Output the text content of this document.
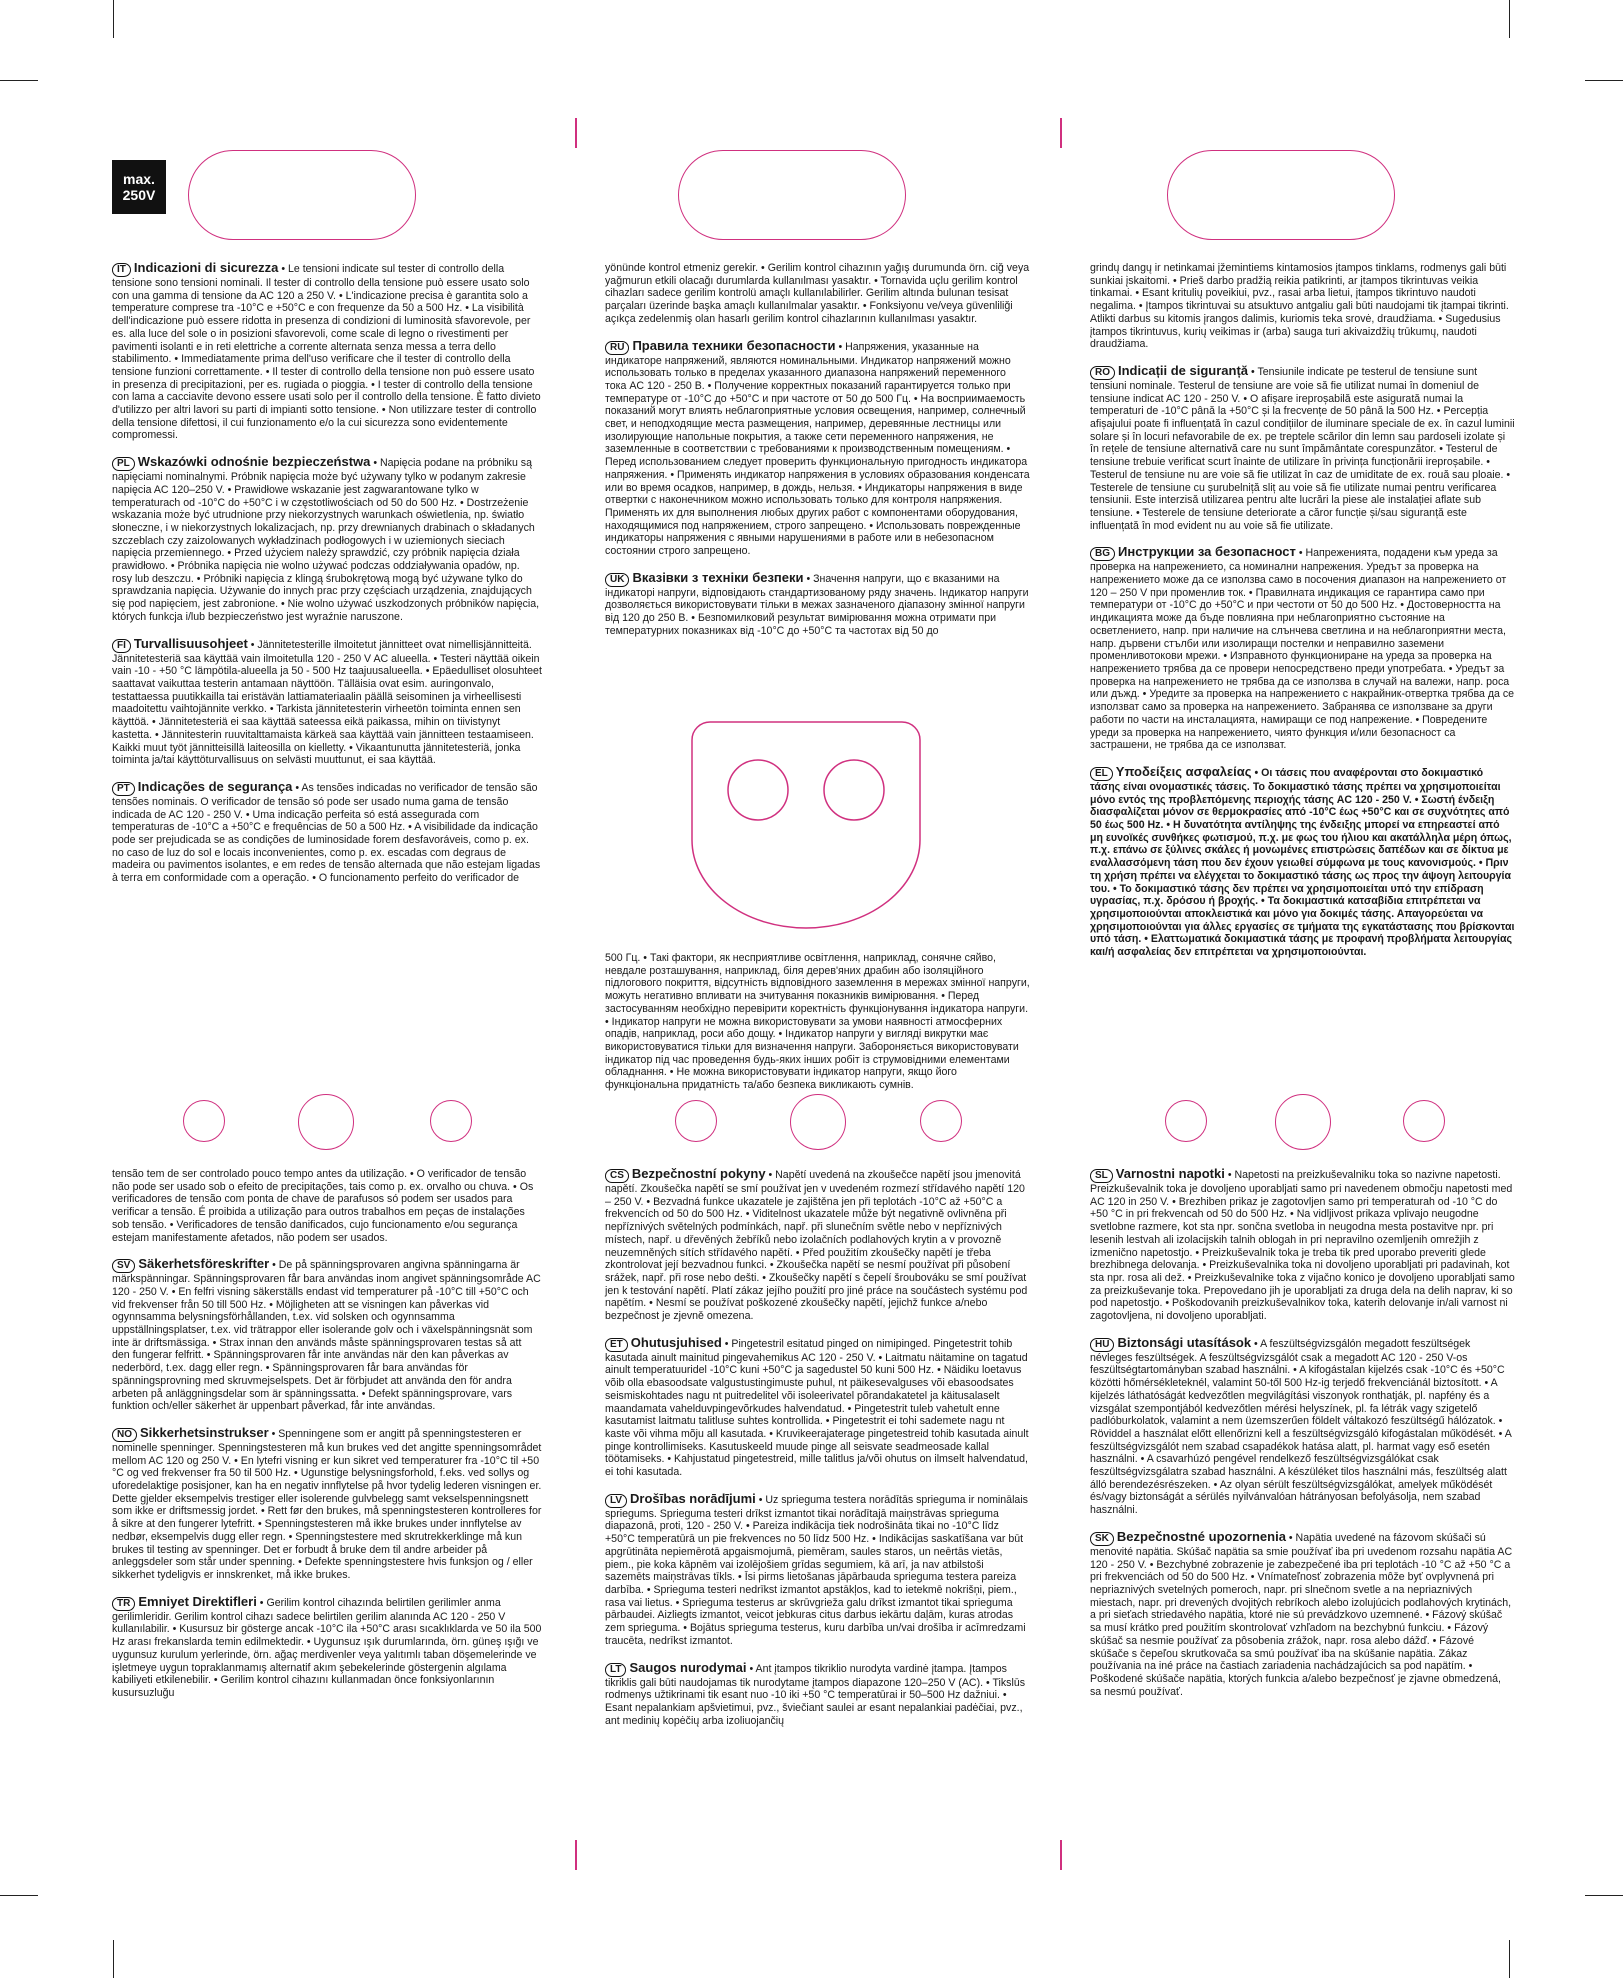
max.
250V
IT Indicazioni di sicurezza • Le tensioni indicate sul tester di controllo della tensione sono tensioni nominali. Il tester di controllo della tensione può essere usato solo con una gamma di tensione da AC 120 a 250 V. • L'indicazione precisa è garantita solo a temperature comprese tra -10°C e +50°C e con frequenze da 50 a 500 Hz. • La visibilità dell'indicazione può essere ridotta in presenza di condizioni di luminosità sfavorevole, per es. alla luce del sole o in posizioni sfavorevoli, come scale di legno o rivestimenti per pavimenti isolanti e in reti elettriche a corrente alternata senza messa a terra dello stabilimento. • Immediatamente prima dell'uso verificare che il tester di controllo della tensione funzioni correttamente. • Il tester di controllo della tensione non può essere usato in presenza di precipitazioni, per es. rugiada o pioggia. • I tester di controllo della tensione con lama a cacciavite devono essere usati solo per il controllo della tensione. È fatto divieto d'utilizzo per altri lavori su parti di impianti sotto tensione. • Non utilizzare tester di controllo della tensione difettosi, il cui funzionamento e/o la cui sicurezza sono evidentemente compromessi.
PL Wskazówki odnośnie bezpieczeństwa • Napięcia podane na próbniku są napięciami nominalnymi. Próbnik napięcia może być używany tylko w podanym zakresie napięcia AC 120–250 V. • Prawidłowe wskazanie jest zagwarantowane tylko w temperaturach od -10°C do +50°C i w częstotliwościach od 50 do 500 Hz. • Dostrzeżenie wskazania może być utrudnione przy niekorzystnych warunkach oświetlenia, np. światło słoneczne, i w niekorzystnych lokalizacjach, np. przy drewnianych drabinach o składanych szczeblach czy zaizolowanych wykładzinach podłogowych i w uziemionych sieciach napięcia przemiennego. • Przed użyciem należy sprawdzić, czy próbnik napięcia działa prawidłowo. • Próbnika napięcia nie wolno używać podczas oddziaływania opadów, np. rosy lub deszczu. • Próbniki napięcia z klingą śrubokrętową mogą być używane tylko do sprawdzania napięcia. Używanie do innych prac przy częściach urządzenia, znajdujących się pod napięciem, jest zabronione. • Nie wolno używać uszkodzonych próbników napięcia, których funkcja i/lub bezpieczeństwo jest wyraźnie naruszone.
FI Turvallisuusohjeet • Jännitetesterille ilmoitetut jännitteet ovat nimellisjännitteitä. Jännitetesteriä saa käyttää vain ilmoitetulla 120 - 250 V AC alueella. • Testeri näyttää oikein vain -10 - +50 °C lämpötila-alueella ja 50 - 500 Hz taajuusalueella. • Epäedulliset olosuhteet saattavat vaikuttaa testerin antamaan näyttöön. Tälläisia ovat esim. auringonvalo, testattaessa puutikkailla tai eristävän lattiamateriaalin päällä seisominen ja virheellisesti maadoitettu vaihtojännite verkko. • Tarkista jännitetesterin virheetön toiminta ennen sen käyttöä. • Jännitetesteriä ei saa käyttää sateessa eikä paikassa, mihin on tiivistynyt kastetta. • Jännitesterin ruuvitalttamaista kärkeä saa käyttää vain jännitteen testaamiseen. Kaikki muut työt jännitteisillä laiteosilla on kielletty. • Vikaantunutta jännitetesteriä, jonka toiminta ja/tai käyttöturvallisuus on selvästi muuttunut, ei saa käyttää.
PT Indicações de segurança • As tensões indicadas no verificador de tensão são tensões nominais. O verificador de tensão só pode ser usado numa gama de tensão indicada de AC 120 - 250 V. • Uma indicação perfeita só está assegurada com temperaturas de -10°C a +50°C e frequências de 50 a 500 Hz. • A visibilidade da indicação pode ser prejudicada se as condições de luminosidade forem desfavoráveis, como p. ex. no caso de luz do sol e locais inconvenientes, como p. ex. escadas com degraus de madeira ou pavimentos isolantes, e em redes de tensão alternada que não estejam ligadas à terra em conformidade com a operação. • O funcionamento perfeito do verificador de
yönünde kontrol etmeniz gerekir. • Gerilim kontrol cihazının yağış durumunda örn. ciğ veya yağmurun etkili olacağı durumlarda kullanılması yasaktır. • Tornavida uçlu gerilim kontrol cihazları sadece gerilim kontrolü amaçlı kullanılabilirler. Gerilim altında bulunan tesisat parçaları üzerinde başka amaçlı kullanılmalar yasaktır. • Fonksiyonu ve/veya güvenliliği açıkça zedelenmiş olan hasarlı gerilim kontrol cihazlarının kullanılması yasaktır.
RU Правила техники безопасности • Напряжения, указанные на индикаторе напряжений, являются номинальными. Индикатор напряжений можно использовать только в пределах указанного диапазона напряжений переменного тока AC 120 - 250 В. • Получение корректных показаний гарантируется только при температуре от -10°C до +50°C и при частоте от 50 до 500 Гц. • На восприимаемость показаний могут влиять неблагоприятные условия освещения, например, солнечный свет, и неподходящие места размещения, например, деревянные лестницы или изолирующие напольные покрытия, а также сети переменного напряжения, не заземленные в соответствии с требованиями к производственным помещениям. • Перед использованием следует проверить функциональную пригодность индикатора напряжения. • Применять индикатор напряжения в условиях образования конденсата или во время осадков, например, в дождь, нельзя. • Индикаторы напряжения в виде отвертки с наконечником можно использовать только для контроля напряжения. Применять их для выполнения любых других работ с компонентами оборудования, находящимися под напряжением, строго запрещено. • Использовать поврежденные индикаторы напряжения с явными нарушениями в работе или в небезопасном состоянии строго запрещено.
UK Вказівки з техніки безпеки • Значення напруги, що є вказаними на індикаторі напруги, відповідають стандартизованому ряду значень. Індикатор напруги дозволяється використовувати тільки в межах зазначеного діапазону змінної напруги від 120 до 250 В. • Безпомилковий результат вимірювання можна отримати при температурних показниках від -10°C до +50°C та частотах від 50 до
500 Гц. • Такі фактори, як несприятливе освітлення, наприклад, сонячне сяйво, невдале розташування, наприклад, біля дерев'яних драбин або ізоляційного підлогового покриття, відсутність відповідного заземлення в мережах змінної напруги, можуть негативно впливати на зчитування показників вимірювання. • Перед застосуванням необхідно перевірити коректність функціонування індикатора напруги. • Індикатор напруги не можна використовувати за умови наявності атмосферних опадів, наприклад, роси або дощу. • Індикатор напруги у вигляді викрутки має використовуватися тільки для визначення напруги. Забороняється використовувати індикатор під час проведення будь-яких інших робіт із струмовідними елементами обладнання. • Не можна використовувати індикатор напруги, якщо його функціональна придатність та/або безпека викликають сумнів.
grindų dangų ir netinkamai įžemintiems kintamosios įtampos tinklams, rodmenys gali būti sunkiai įskaitomi. • Prieš darbo pradžią reikia patikrinti, ar įtampos tikrintuvas veikia tinkamai. • Esant kritulių poveikiui, pvz., rasai arba lietui, įtampos tikrintuvo naudoti negalima. • Įtampos tikrintuvai su atsuktuvo antgaliu gali būti naudojami tik įtampai tikrinti. Atlikti darbus su kitomis įrangos dalimis, kuriomis teka srovė, draudžiama. • Sugedusius įtampos tikrintuvus, kurių veikimas ir (arba) sauga turi akivaizdžių trūkumų, naudoti draudžiama.
RO Indicații de siguranță • Tensiunile indicate pe testerul de tensiune sunt tensiuni nominale. Testerul de tensiune are voie să fie utilizat numai în domeniul de tensiune indicat AC 120 - 250 V. • O afișare ireproșabilă este asigurată numai la temperaturi de -10°C până la +50°C și la frecvențe de 50 până la 500 Hz. • Percepția afișajului poate fi influențată în cazul condițiilor de iluminare speciale de ex. în cazul luminii solare și în locuri nefavorabile de ex. pe treptele scărilor din lemn sau pardoseli izolate și în rețele de tensiune alternativă care nu sunt împământate corespunzător. • Testerul de tensiune trebuie verificat scurt înainte de utilizare în privința funcționării ireproșabile. • Testerul de tensiune nu are voie să fie utilizat în caz de umiditate de ex. rouă sau ploaie. • Testerele de tensiune cu șurubelniță sliț au voie să fie utilizate numai pentru verificarea tensiunii. Este interzisă utilizarea pentru alte lucrări la piese ale instalației aflate sub tensiune. • Testerele de tensiune deteriorate a căror funcție și/sau siguranță este influențată în mod evident nu au voie să fie utilizate.
BG Инструкции за безопасност • Напреженията, подадени към уреда за проверка на напрежението, са номинални напрежения. Уредът за проверка на напрежението може да се използва само в посочения диапазон на напрежението от 120 – 250 V при променлив ток. • Правилната индикация се гарантира само при температури от -10°C до +50°C и при честоти от 50 до 500 Hz. • Достоверността на индикацията може да бъде повлияна при неблагоприятно състояние на осветлението, напр. при наличие на слънчева светлина и на неблагоприятни места, напр. дървени стълби или изолиращи постелки и неправилно заземени променливотокови мрежи. • Изправното функциониране на уреда за проверка на напрежението трябва да се провери непосредствено преди употребата. • Уредът за проверка на напрежението не трябва да се използва в случай на валежи, напр. роса или дъжд. • Уредите за проверка на напрежението с накрайник-отвертка трябва да се използват само за проверка на напрежението. Забранява се използване за други работи по части на инсталацията, намиращи се под напрежение. • Повредените уреди за проверка на напрежението, чиято функция и/или безопасност са застрашени, не трябва да се използват.
EL Υποδείξεις ασφαλείας • Οι τάσεις που αναφέρονται στο δοκιμαστικό τάσης είναι ονομαστικές τάσεις. Το δοκιμαστικό τάσης πρέπει να χρησιμοποιείται μόνο εντός της προβλεπόμενης περιοχής τάσης AC 120 - 250 V. • Σωστή ένδειξη διασφαλίζεται μόνον σε θερμοκρασίες από -10°C έως +50°C και σε συχνότητες από 50 έως 500 Hz. • Η δυνατότητα αντίληψης της ένδειξης μπορεί να επηρεαστεί από μη ευνοϊκές συνθήκες φωτισμού, π.χ. με φως του ήλιου και ακατάλληλα μέρη όπως, π.χ. επάνω σε ξύλινες σκάλες ή μονωμένες επιστρώσεις δαπέδων και σε δίκτυα με εναλλασσόμενη τάση που δεν έχουν γειωθεί σύμφωνα με τους κανονισμούς. • Πριν τη χρήση πρέπει να ελέγχεται το δοκιμαστικό τάσης ως προς την άψογη λειτουργία του. • Το δοκιμαστικό τάσης δεν πρέπει να χρησιμοποιείται υπό την επίδραση υγρασίας, π.χ. δρόσου ή βροχής. • Τα δοκιμαστικά κατσαβίδια επιτρέπεται να χρησιμοποιούνται αποκλειστικά και μόνο για δοκιμές τάσης. Απαγορεύεται να χρησιμοποιούνται για άλλες εργασίες σε τμήματα της εγκατάστασης που βρίσκονται υπό τάση. • Ελαττωματικά δοκιμαστικά τάσης με προφανή προβλήματα λειτουργίας και/ή ασφαλείας δεν επιτρέπεται να χρησιμοποιούνται.
tensão tem de ser controlado pouco tempo antes da utilização. • O verificador de tensão não pode ser usado sob o efeito de precipitações, tais como p. ex. orvalho ou chuva. • Os verificadores de tensão com ponta de chave de parafusos só podem ser usados para verificar a tensão. É proibida a utilização para outros trabalhos em peças de instalações sob tensão. • Verificadores de tensão danificados, cujo funcionamento e/ou segurança estejam manifestamente afetados, não podem ser usados.
SV Säkerhetsföreskrifter • De på spänningsprovaren angivna spänningarna är märkspänningar. Spänningsprovaren får bara användas inom angivet spänningsområde AC 120 - 250 V. • En felfri visning säkerställs endast vid temperaturer på -10°C till +50°C och vid frekvenser från 50 till 500 Hz. • Möjligheten att se visningen kan påverkas vid ogynnsamma belysningsförhållanden, t.ex. vid solsken och ogynnsamma uppställningsplatser, t.ex. vid trätrappor eller isolerande golv och i växelspänningsnät som inte är driftsmässiga. • Strax innan den används måste spänningsprovaren testas så att den fungerar felfritt. • Spänningsprovaren får inte användas när den kan påverkas av nederbörd, t.ex. dagg eller regn. • Spänningsprovaren får bara användas för spänningsprovning med skruvmejselspets. Det är förbjudet att använda den för andra arbeten på anläggningsdelar som är spänningssatta. • Defekt spänningsprovare, vars funktion och/eller säkerhet är uppenbart påverkad, får inte användas.
NO Sikkerhetsinstrukser • Spenningene som er angitt på spenningstesteren er nominelle spenninger. Spenningstesteren må kun brukes ved det angitte spenningsområdet mellom AC 120 og 250 V. • En lytefri visning er kun sikret ved temperaturer fra -10°C til +50 °C og ved frekvenser fra 50 til 500 Hz. • Ugunstige belysningsforhold, f.eks. ved sollys og uforedelaktige posisjoner, kan ha en negativ innflytelse på hvor tydelig lederen visningen er. Dette gjelder eksempelvis trestiger eller isolerende gulvbelegg samt vekselspenningsnett som ikke er driftsmessig jordet. • Rett før den brukes, må spenningstesteren kontrolleres for å sikre at den fungerer lytefritt. • Spenningstesteren må ikke brukes under innflytelse av nedbør, eksempelvis dugg eller regn. • Spenningstestere med skrutrekkerklinge må kun brukes til testing av spenninger. Det er forbudt å bruke dem til andre arbeider på anleggsdeler som står under spenning. • Defekte spenningstestere hvis funksjon og / eller sikkerhet tydeligvis er innskrenket, må ikke brukes.
TR Emniyet Direktifleri • Gerilim kontrol cihazında belirtilen gerilimler anma gerilimleridir. Gerilim kontrol cihazı sadece belirtilen gerilim alanında AC 120 - 250 V kullanılabilir. • Kusursuz bir gösterge ancak -10°C ila +50°C arası sıcaklıklarda ve 50 ila 500 Hz arası frekanslarda temin edilmektedir. • Uygunsuz ışık durumlarında, örn. güneş ışığı ve uygunsuz kurulum yerlerinde, örn. ağaç merdivenler veya yalıtımlı taban döşemelerinde ve işletmeye uygun topraklanmamış alternatif akım şebekelerinde göstergenin algılama kabiliyeti etkilenebilir. • Gerilim kontrol cihazını kullanmadan önce fonksiyonlarının kusursuzluğu
CS Bezpečnostní pokyny • Napětí uvedená na zkoušečce napětí jsou jmenovitá napětí. Zkoušečka napětí se smí používat jen v uvedeném rozmezí střídavého napětí 120 – 250 V. • Bezvadná funkce ukazatele je zajištěna jen při teplotách -10°C až +50°C a frekvencích od 50 do 500 Hz. • Viditelnost ukazatele může být negativně ovlivněna při nepříznivých světelných podmínkách, např. při slunečním světle nebo v nepříznivých místech, např. u dřevěných žebříků nebo izolačních podlahových krytin a v provozně neuzemněných sítích střídavého napětí. • Před použitím zkoušečky napětí je třeba zkontrolovat její bezvadnou funkci. • Zkoušečka napětí se nesmí používat při působení srážek, např. při rose nebo dešti. • Zkoušečky napětí s čepelí šroubováku se smí používat jen k testování napětí. Platí zákaz jejího použití pro jiné práce na součástech systému pod napětím. • Nesmí se používat poškozené zkoušečky napětí, jejichž funkce a/nebo bezpečnost je zjevně omezena.
ET Ohutusjuhised • Pingetestril esitatud pinged on nimipinged. Pingetestrit tohib kasutada ainult mainitud pingevahemikus AC 120 - 250 V. • Laitmatu näitamine on tagatud ainult temperatuuridel -10°C kuni +50°C ja sagedustel 50 kuni 500 Hz. • Näidiku loetavus võib olla ebasoodsate valgustustingimuste puhul, nt päikesevalguses või ebasoodsates seismiskohtades nagu nt puitredelitel või isoleerivatel põrandakatetel ja käitusalaselt maandamata vahelduvpingevõrkudes halvendatud. • Pingetestrit tuleb vahetult enne kasutamist laitmatu talitluse suhtes kontrollida. • Pingetestrit ei tohi sademete nagu nt kaste või vihma mõju all kasutada. • Kruvikeerajaterage pingetestreid tohib kasutada ainult pinge kontrollimiseks. Kasutuskeeld muude pinge all seisvate seadmeosade kallal töötamiseks. • Kahjustatud pingetestreid, mille talitlus ja/või ohutus on ilmselt halvendatud, ei tohi kasutada.
LV Drošības norādījumi • Uz sprieguma testera norādītās sprieguma ir nominālais spriegums. Sprieguma testeri drīkst izmantot tikai norādītajā maiņstrāvas sprieguma diapazonā, proti, 120 - 250 V. • Pareiza indikācija tiek nodrošināta tikai no -10°C līdz +50°C temperatūrā un pie frekvences no 50 līdz 500 Hz. • Indikācijas saskatīšana var būt apgrūtināta nepiemērotā apgaismojumā, piemēram, saules staros, un neērtās vietās, piem., pie koka kāpnēm vai izolējošiem grīdas segumiem, kā arī, ja nav atbilstoši sazemēts maiņstrāvas tīkls. • Īsi pirms lietošanas jāpārbauda sprieguma testera pareiza darbība. • Sprieguma testeri nedrīkst izmantot apstākļos, kad to ietekmē nokrišņi, piem., rasa vai lietus. • Sprieguma testerus ar skrūvgrieža galu drīkst izmantot tikai sprieguma pārbaudei. Aizliegts izmantot, veicot jebkuras citus darbus iekārtu daļām, kuras atrodas zem sprieguma. • Bojātus sprieguma testerus, kuru darbība un/vai drošība ir acīmredzami traucēta, nedrīkst izmantot.
LT Saugos nurodymai • Ant įtampos tikriklio nurodyta vardinė įtampa. Įtampos tikriklis gali būti naudojamas tik nurodytame įtampos diapazone 120–250 V (AC). • Tikslūs rodmenys užtikrinami tik esant nuo -10 iki +50 °C temperatūrai ir 50–500 Hz dažniui. • Esant nepalankiam apšvietimui, pvz., šviečiant saulei ar esant nepalankiai padėčiai, pvz., ant medinių kopėčių arba izoliuojančių
SL Varnostni napotki • Napetosti na preizkuševalniku toka so nazivne napetosti. Preizkuševalnik toka je dovoljeno uporabljati samo pri navedenem območju napetosti med AC 120 in 250 V. • Brezhiben prikaz je zagotovljen samo pri temperaturah od -10 °C do +50 °C in pri frekvencah od 50 do 500 Hz. • Na vidljivost prikaza vplivajo neugodne svetlobne razmere, kot sta npr. sončna svetloba in neugodna mesta postavitve npr. pri lesenih lestvah ali izolacijskih talnih oblogah in pri nepravilno ozemljenih omrežjih z izmenično napetostjo. • Preizkuševalnik toka je treba tik pred uporabo preveriti glede brezhibnega delovanja. • Preizkuševalnika toka ni dovoljeno uporabljati pri padavinah, kot sta npr. rosa ali dež. • Preizkuševalnike toka z vijačno konico je dovoljeno uporabljati samo za preizkuševanje toka. Prepovedano jih je uporabljati za druga dela na delih naprav, ki so pod napetostjo. • Poškodovanih preizkuševalnikov toka, katerih delovanje in/ali varnost ni zagotovljena, ni dovoljeno uporabljati.
HU Biztonsági utasítások • A feszültségvizsgálón megadott feszültségek névleges feszültségek. A feszültségvizsgálót csak a megadott AC 120 - 250 V-os feszültségtartományban szabad használni. • A kifogástalan kijelzés csak -10°C és +50°C közötti hőmérsékleteknél, valamint 50-től 500 Hz-ig terjedő frekvenciánál biztosított. • A kijelzés láthatóságát kedvezőtlen megvilágítási viszonyok ronthatják, pl. napfény és a vizsgálat szempontjából kedvezőtlen mérési helyszínek, pl. fa létrák vagy szigetelő padlóburkolatok, valamint a nem üzemszerűen földelt váltakozó feszültségű hálózatok. • Röviddel a használat előtt ellenőrizni kell a feszültségvizsgáló kifogástalan működését. • A feszültségvizsgálót nem szabad csapadékok hatása alatt, pl. harmat vagy eső esetén használni. • A csavarhúzó pengével rendelkező feszültségvizsgálókat csak feszültségvizsgálatra szabad használni. A készüléket tilos használni más, feszültség alatt álló berendezésrészeken. • Az olyan sérült feszültségvizsgálókat, amelyek működését és/vagy biztonságát a sérülés nyilvánvalóan hátrányosan befolyásolja, nem szabad használni.
SK Bezpečnostné upozornenia • Napätia uvedené na fázovom skúšači sú menovité napätia. Skúšač napätia sa smie používať iba pri uvedenom rozsahu napätia AC 120 - 250 V. • Bezchybné zobrazenie je zabezpečené iba pri teplotách -10 °C až +50 °C a pri frekvenciách od 50 do 500 Hz. • Vnímateľnosť zobrazenia môže byť ovplyvnená pri nepriaznivých svetelných pomeroch, napr. pri slnečnom svetle a na nepriaznivých miestach, napr. pri drevených dvojitých rebríkoch alebo izolujúcich podlahových krytinách, a pri sieťach striedavého napätia, ktoré nie sú prevádzkovo uzemnené. • Fázový skúšač sa musí krátko pred použitím skontrolovať vzhľadom na bezchybnú funkciu. • Fázový skúšač sa nesmie používať za pôsobenia zrážok, napr. rosa alebo dážď. • Fázové skúšače s čepeľou skrutkovača sa smú používať iba na skúšanie napätia. Zákaz používania na iné práce na častiach zariadenia nachádzajúcich sa pod napätím. • Poškodené skúšače napätia, ktorých funkcia a/alebo bezpečnosť je zjavne obmedzená, sa nesmú používať.
